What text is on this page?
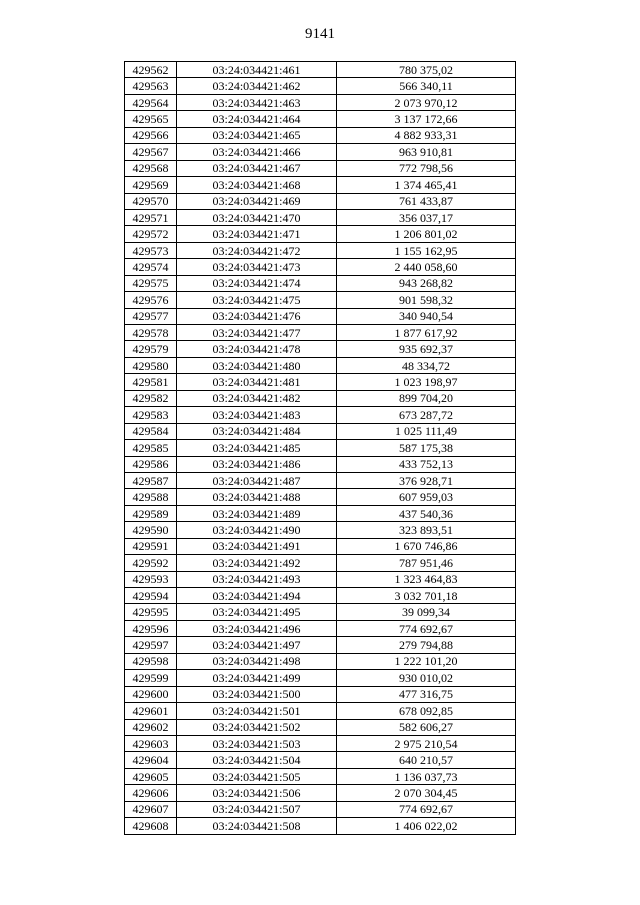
9141
429562	03:24:034421:461	780 375,02
429563	03:24:034421:462	566 340,11
429564	03:24:034421:463	2 073 970,12
429565	03:24:034421:464	3 137 172,66
429566	03:24:034421:465	4 882 933,31
429567	03:24:034421:466	963 910,81
429568	03:24:034421:467	772 798,56
429569	03:24:034421:468	1 374 465,41
429570	03:24:034421:469	761 433,87
429571	03:24:034421:470	356 037,17
429572	03:24:034421:471	1 206 801,02
429573	03:24:034421:472	1 155 162,95
429574	03:24:034421:473	2 440 058,60
429575	03:24:034421:474	943 268,82
429576	03:24:034421:475	901 598,32
429577	03:24:034421:476	340 940,54
429578	03:24:034421:477	1 877 617,92
429579	03:24:034421:478	935 692,37
429580	03:24:034421:480	48 334,72
429581	03:24:034421:481	1 023 198,97
429582	03:24:034421:482	899 704,20
429583	03:24:034421:483	673 287,72
429584	03:24:034421:484	1 025 111,49
429585	03:24:034421:485	587 175,38
429586	03:24:034421:486	433 752,13
429587	03:24:034421:487	376 928,71
429588	03:24:034421:488	607 959,03
429589	03:24:034421:489	437 540,36
429590	03:24:034421:490	323 893,51
429591	03:24:034421:491	1 670 746,86
429592	03:24:034421:492	787 951,46
429593	03:24:034421:493	1 323 464,83
429594	03:24:034421:494	3 032 701,18
429595	03:24:034421:495	39 099,34
429596	03:24:034421:496	774 692,67
429597	03:24:034421:497	279 794,88
429598	03:24:034421:498	1 222 101,20
429599	03:24:034421:499	930 010,02
429600	03:24:034421:500	477 316,75
429601	03:24:034421:501	678 092,85
429602	03:24:034421:502	582 606,27
429603	03:24:034421:503	2 975 210,54
429604	03:24:034421:504	640 210,57
429605	03:24:034421:505	1 136 037,73
429606	03:24:034421:506	2 070 304,45
429607	03:24:034421:507	774 692,67
429608	03:24:034421:508	1 406 022,02
